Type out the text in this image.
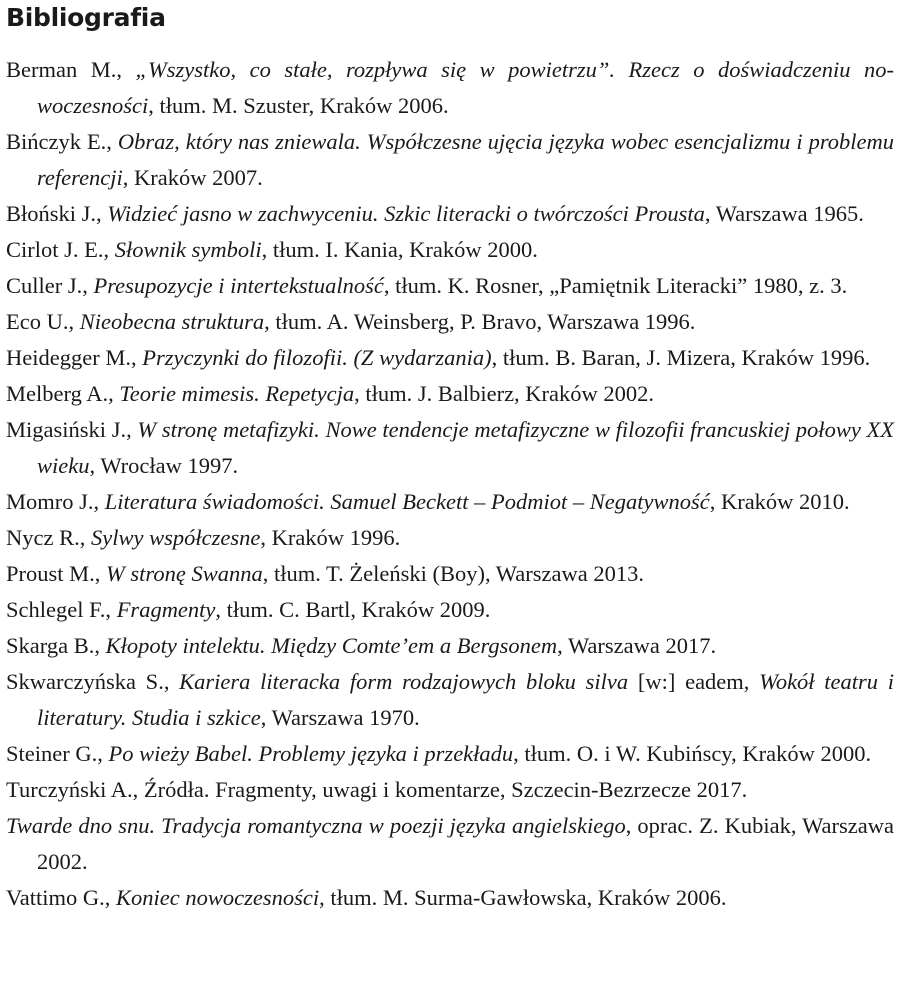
Bibliografia
Berman M., „Wszystko, co stałe, rozpływa się w powietrzu”. Rzecz o doświadczeniu nowoczesności, tłum. M. Szuster, Kraków 2006.
Bińczyk E., Obraz, który nas zniewala. Współczesne ujęcia języka wobec esencjalizmu i problemu referencji, Kraków 2007.
Błoński J., Widzieć jasno w zachwyceniu. Szkic literacki o twórczości Prousta, Warszawa 1965.
Cirlot J. E., Słownik symboli, tłum. I. Kania, Kraków 2000.
Culler J., Presupozycje i intertekstualność, tłum. K. Rosner, „Pamiętnik Literacki” 1980, z. 3.
Eco U., Nieobecna struktura, tłum. A. Weinsberg, P. Bravo, Warszawa 1996.
Heidegger M., Przyczynki do filozofii. (Z wydarzania), tłum. B. Baran, J. Mizera, Kraków 1996.
Melberg A., Teorie mimesis. Repetycja, tłum. J. Balbierz, Kraków 2002.
Migasiński J., W stronę metafizyki. Nowe tendencje metafizyczne w filozofii francuskiej połowy XX wieku, Wrocław 1997.
Momro J., Literatura świadomości. Samuel Beckett – Podmiot – Negatywność, Kraków 2010.
Nycz R., Sylwy współczesne, Kraków 1996.
Proust M., W stronę Swanna, tłum. T. Żeleński (Boy), Warszawa 2013.
Schlegel F., Fragmenty, tłum. C. Bartl, Kraków 2009.
Skarga B., Kłopoty intelektu. Między Comte’em a Bergsonem, Warszawa 2017.
Skwarczyńska S., Kariera literacka form rodzajowych bloku silva [w:] eadem, Wokół teatru i literatury. Studia i szkice, Warszawa 1970.
Steiner G., Po wieży Babel. Problemy języka i przekładu, tłum. O. i W. Kubińscy, Kraków 2000.
Turczyński A., Źródła. Fragmenty, uwagi i komentarze, Szczecin-Bezrzecze 2017.
Twarde dno snu. Tradycja romantyczna w poezji języka angielskiego, oprac. Z. Kubiak, Warszawa 2002.
Vattimo G., Koniec nowoczesności, tłum. M. Surma-Gawłowska, Kraków 2006.
